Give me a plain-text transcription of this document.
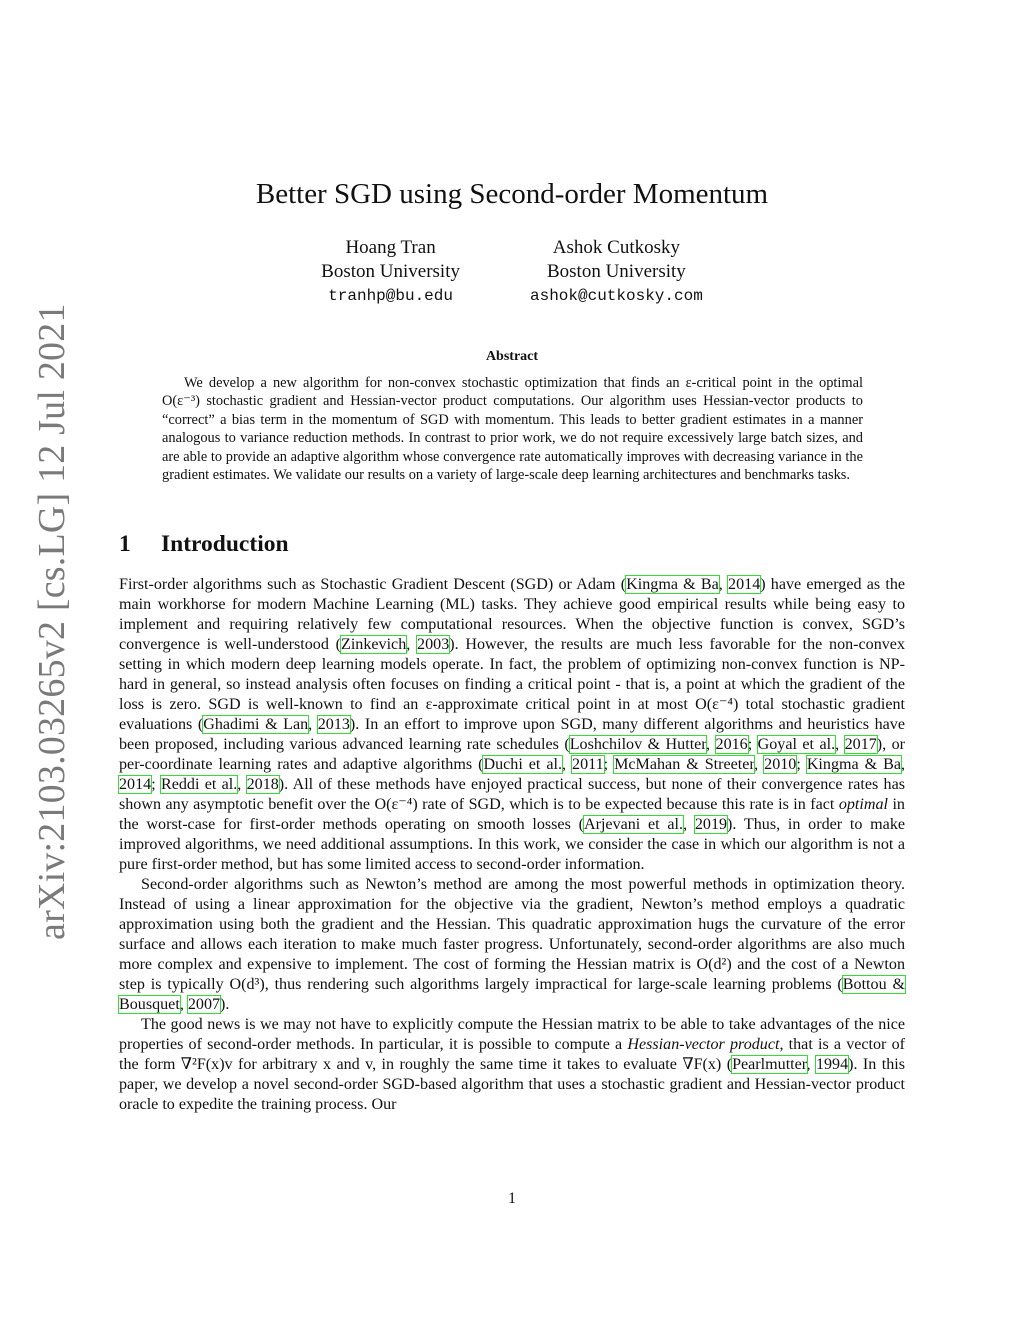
arXiv:2103.03265v2 [cs.LG] 12 Jul 2021
Better SGD using Second-order Momentum
Hoang Tran
Boston University
tranhp@bu.edu
Ashok Cutkosky
Boston University
ashok@cutkosky.com
Abstract

We develop a new algorithm for non-convex stochastic optimization that finds an ε-critical point in the optimal O(ε⁻³) stochastic gradient and Hessian-vector product computations. Our algorithm uses Hessian-vector products to “correct” a bias term in the momentum of SGD with momentum. This leads to better gradient estimates in a manner analogous to variance reduction methods. In contrast to prior work, we do not require excessively large batch sizes, and are able to provide an adaptive algorithm whose convergence rate automatically improves with decreasing variance in the gradient estimates. We validate our results on a variety of large-scale deep learning architectures and benchmarks tasks.

1 Introduction

First-order algorithms such as Stochastic Gradient Descent (SGD) or Adam (Kingma & Ba, 2014) have emerged as the main workhorse for modern Machine Learning (ML) tasks. They achieve good empirical results while being easy to implement and requiring relatively few computational resources. When the objective function is convex, SGD’s convergence is well-understood (Zinkevich, 2003). However, the results are much less favorable for the non-convex setting in which modern deep learning models operate. In fact, the problem of optimizing non-convex function is NP-hard in general, so instead analysis often focuses on finding a critical point - that is, a point at which the gradient of the loss is zero. SGD is well-known to find an ε-approximate critical point in at most O(ε⁻⁴) total stochastic gradient evaluations (Ghadimi & Lan, 2013). In an effort to improve upon SGD, many different algorithms and heuristics have been proposed, including various advanced learning rate schedules (Loshchilov & Hutter, 2016; Goyal et al., 2017), or per-coordinate learning rates and adaptive algorithms (Duchi et al., 2011; McMahan & Streeter, 2010; Kingma & Ba, 2014; Reddi et al., 2018). All of these methods have enjoyed practical success, but none of their convergence rates has shown any asymptotic benefit over the O(ε⁻⁴) rate of SGD, which is to be expected because this rate is in fact optimal in the worst-case for first-order methods operating on smooth losses (Arjevani et al., 2019). Thus, in order to make improved algorithms, we need additional assumptions. In this work, we consider the case in which our algorithm is not a pure first-order method, but has some limited access to second-order information.

Second-order algorithms such as Newton’s method are among the most powerful methods in optimization theory. Instead of using a linear approximation for the objective via the gradient, Newton’s method employs a quadratic approximation using both the gradient and the Hessian. This quadratic approximation hugs the curvature of the error surface and allows each iteration to make much faster progress. Unfortunately, second-order algorithms are also much more complex and expensive to implement. The cost of forming the Hessian matrix is O(d²) and the cost of a Newton step is typically O(d³), thus rendering such algorithms largely impractical for large-scale learning problems (Bottou & Bousquet, 2007).

The good news is we may not have to explicitly compute the Hessian matrix to be able to take advantages of the nice properties of second-order methods. In particular, it is possible to compute a Hessian-vector product, that is a vector of the form ∇²F(x)v for arbitrary x and v, in roughly the same time it takes to evaluate ∇F(x) (Pearlmutter, 1994). In this paper, we develop a novel second-order SGD-based algorithm that uses a stochastic gradient and Hessian-vector product oracle to expedite the training process. Our

1
